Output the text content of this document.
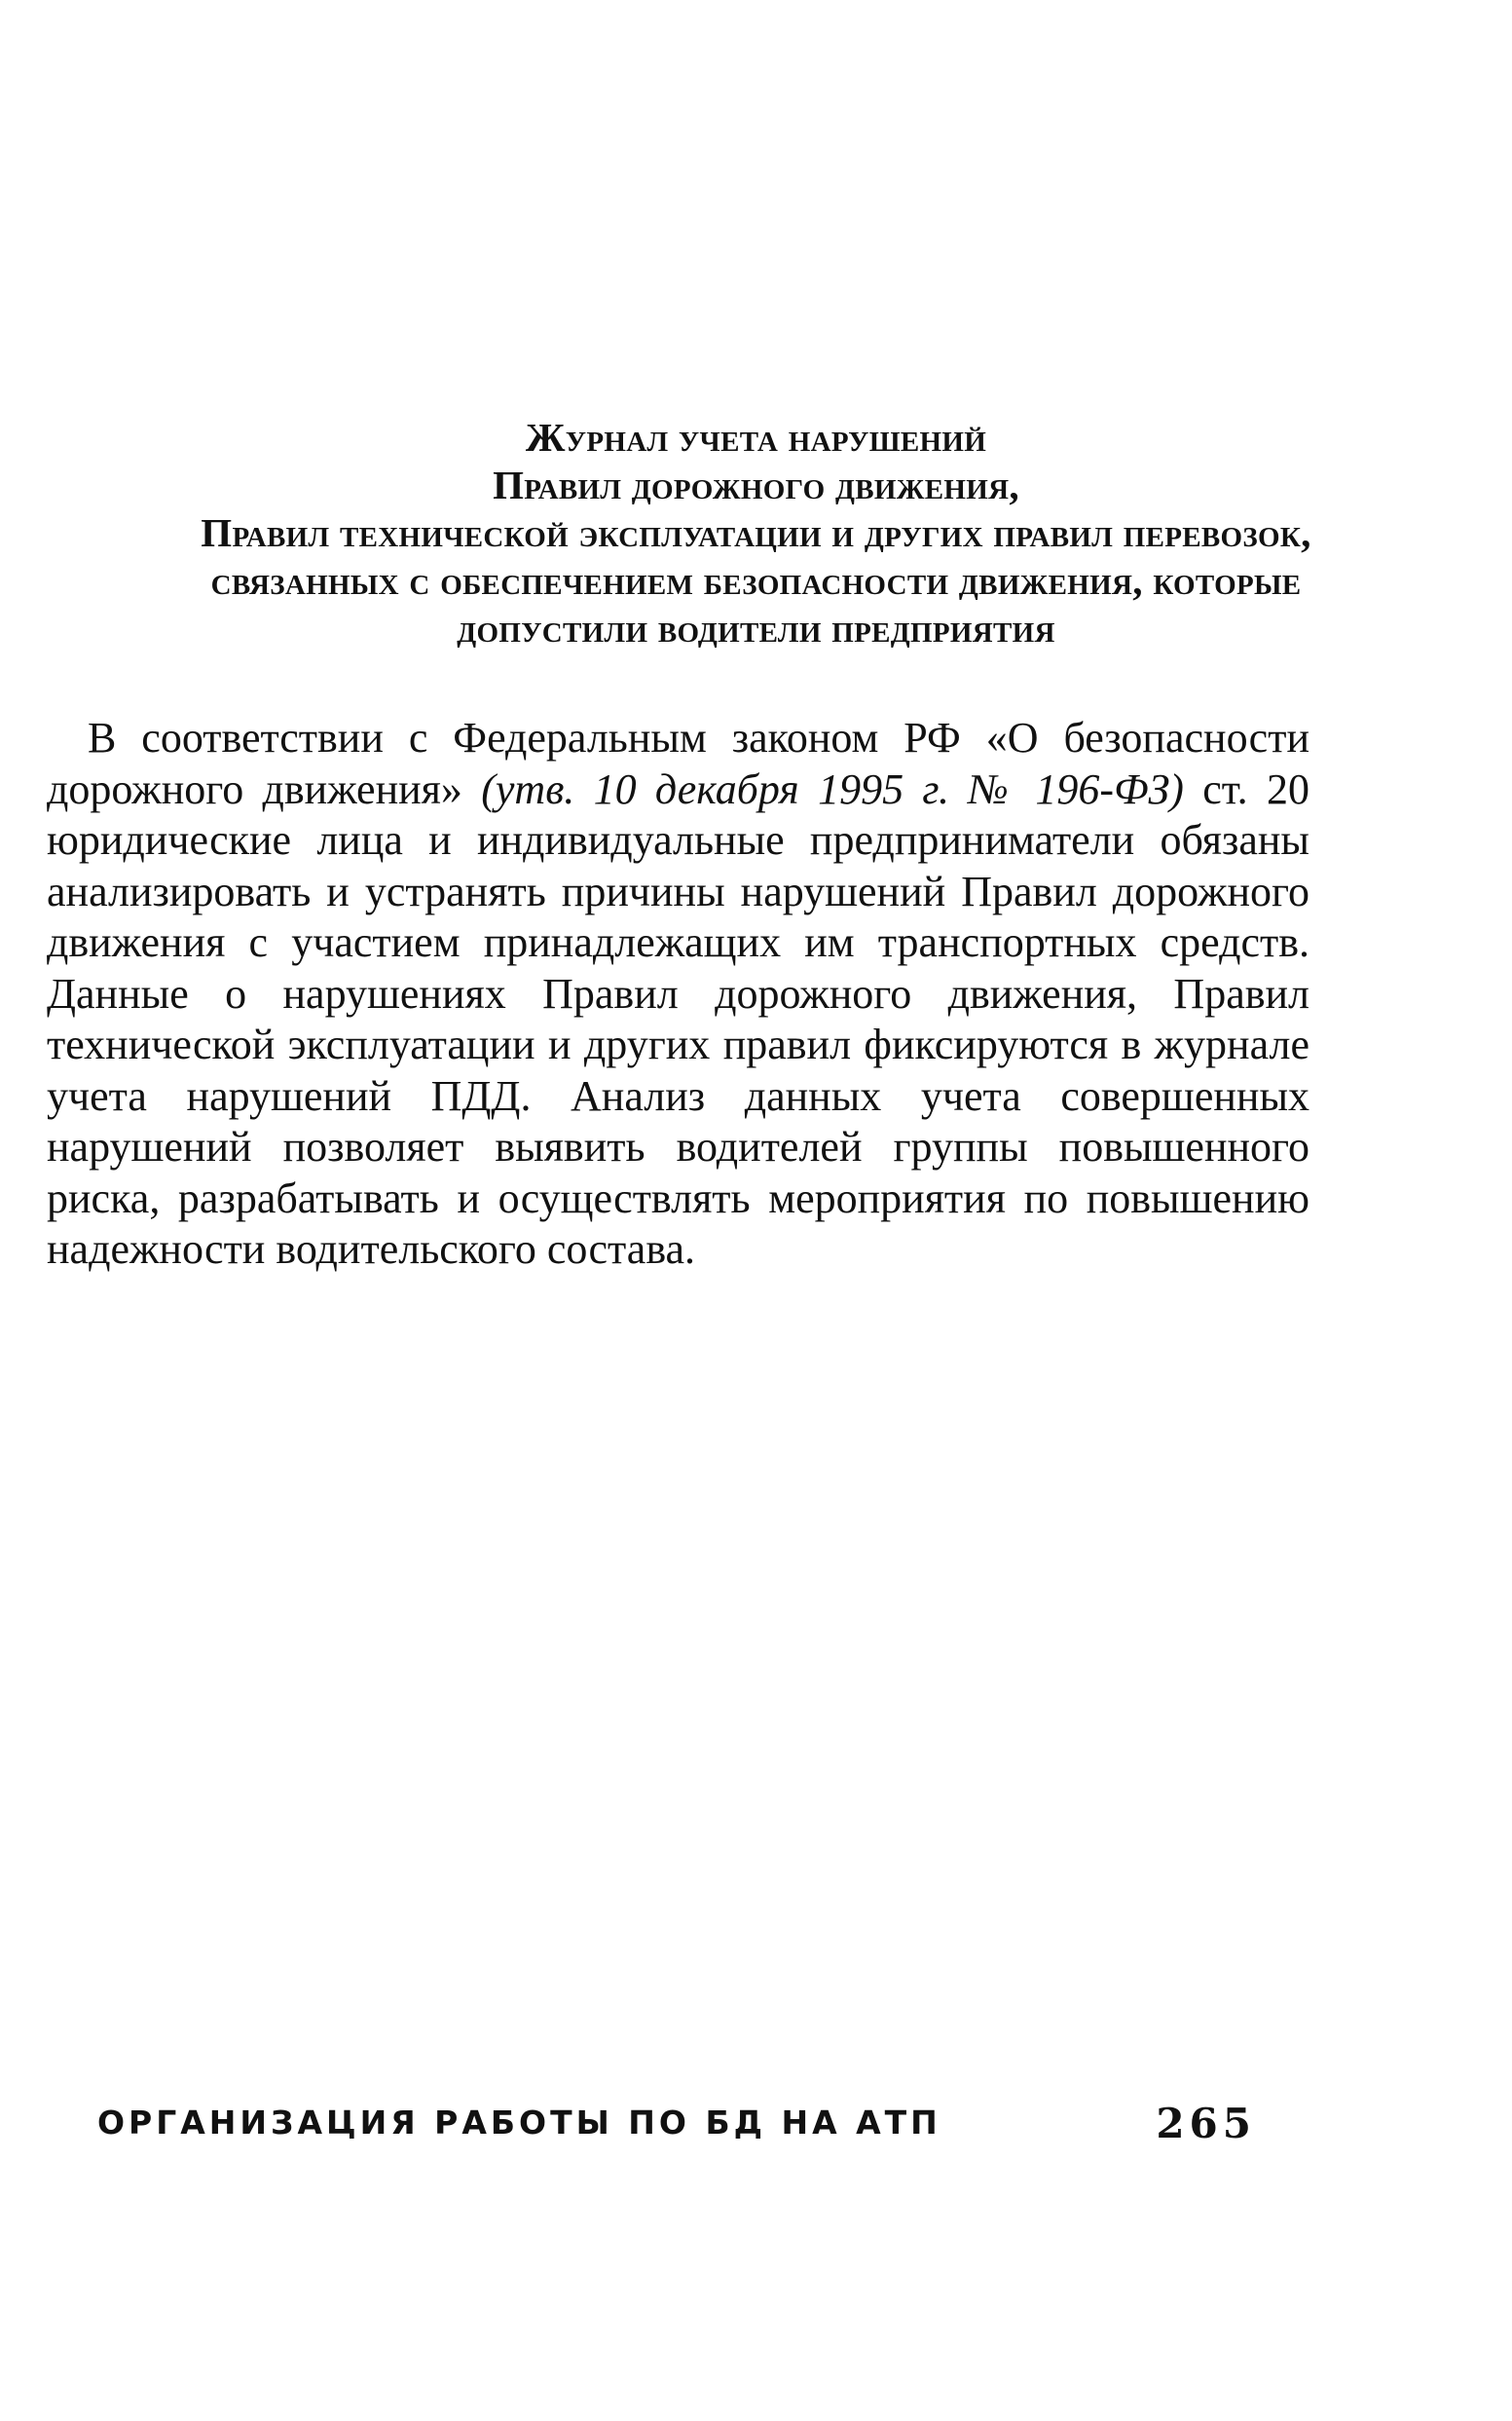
Журнал учета нарушений
Правил дорожного движения,
Правил технической эксплуатации и других правил перевозок,
связанных с обеспечением безопасности движения, которые
допустили водители предприятия

В соответствии с Федеральным законом РФ «О безопасности дорожного движения» (утв. 10 декабря 1995 г. № 196-ФЗ) ст. 20 юридические лица и индивидуальные предприниматели обязаны анализировать и устранять причины нарушений Правил дорожного движения с участием принадлежащих им транспортных средств. Данные о нарушениях Правил дорожного движения, Правил технической эксплуатации и других правил фиксируются в журнале учета нарушений ПДД. Анализ данных учета совершенных нарушений позволяет выявить водителей группы повышенного риска, разрабатывать и осуществлять мероприятия по повышению надежности водительского состава.

ОРГАНИЗАЦИЯ РАБОТЫ ПО БД НА АТП	265
